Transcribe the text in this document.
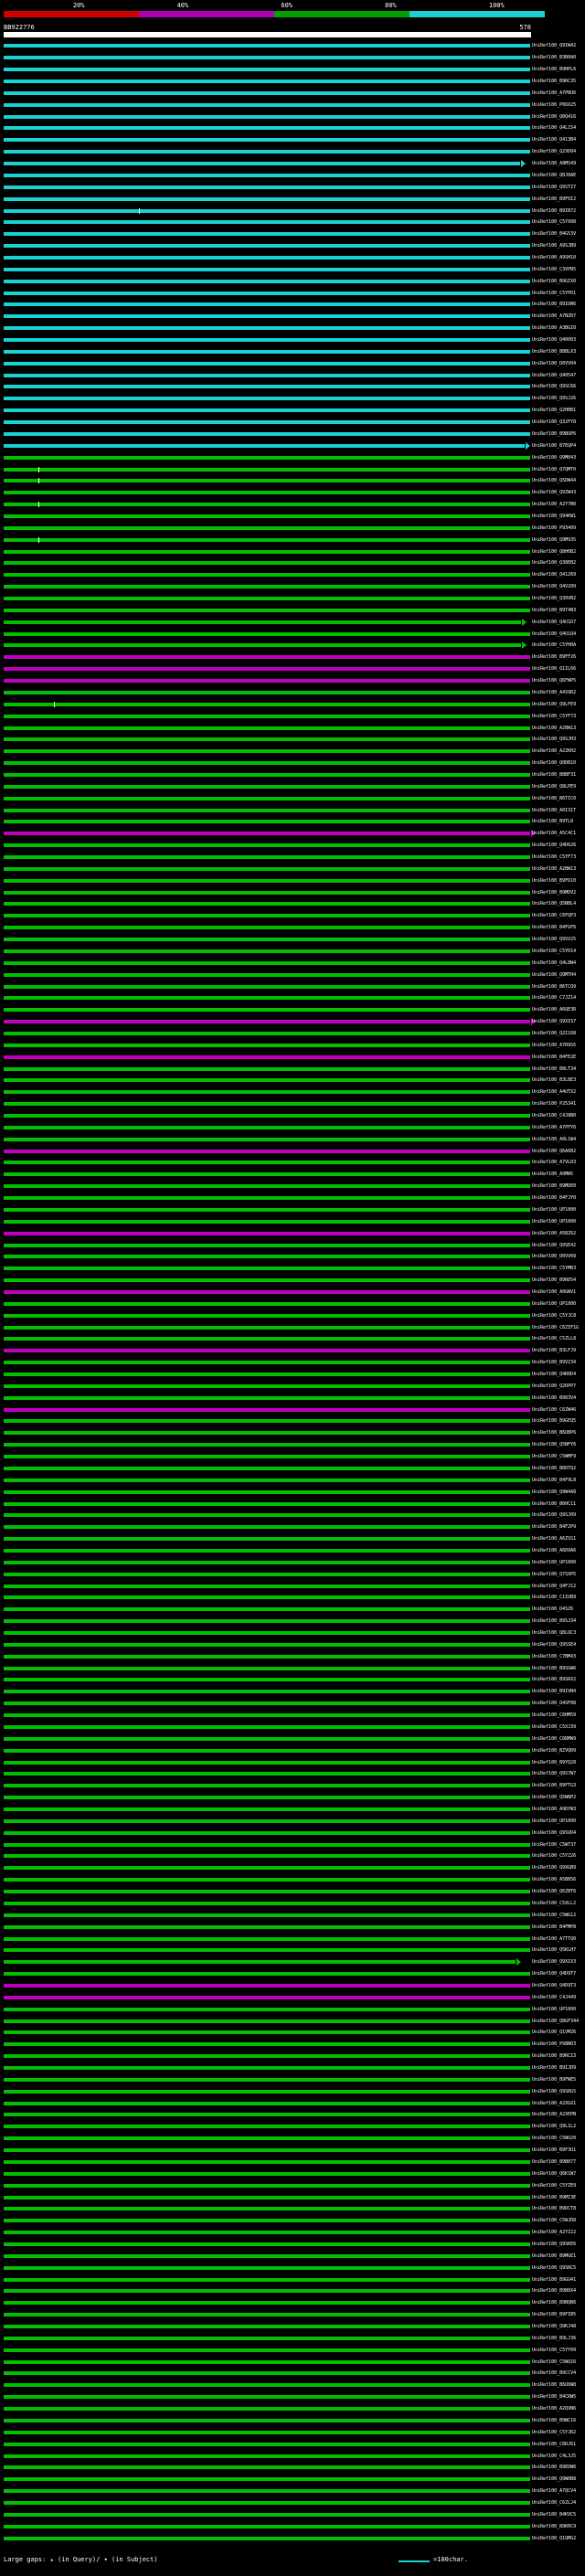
20%	40%	60%	80%	100%
BB922776	578
UniRef100_Q9IW42
UniRef100_B3B0A0
UniRef100_B9HPL6
UniRef100_B9RC35
UniRef100_A7PBU6
UniRef100_P0OX25
UniRef100_Q0Q416
UniRef100_Q4L154
UniRef100_Q413B4
UniRef100_Q2VD04
UniRef100_A8MS49
UniRef100_Q0J0AE
UniRef100_Q9STZ7
UniRef100_B9F0I2
UniRef100_B9IB72
UniRef100_C5YX08
UniRef100_B4G53V
UniRef100_A9SJB9
UniRef100_A9SH10
UniRef100_C3VPB5
UniRef100_B9GIX0
UniRef100_C5YPD1
UniRef100_B9ION6
UniRef100_A7NZR7
UniRef100_A3BGI0
UniRef100_Q40003
UniRef100_B8BLX3
UniRef100_D0VV04
UniRef100_Q40547
UniRef100_Q9SC66
UniRef100_Q9SJ26
UniRef100_Q2HBB1
UniRef100_Q32FY8
UniRef100_B9BUP6
UniRef100_B7EQP4
UniRef100_Q9M043
UniRef100_Q7QMT0
UniRef100_Q5DW44
UniRef100_Q9ZW43
UniRef100_A2Y7N0
UniRef100_Q94KW1
UniRef100_P93409
UniRef100_Q9M935
UniRef100_Q8H0B2
UniRef100_Q38EB2
UniRef100_Q41269
UniRef100_Q4V209
UniRef100_Q30VB2
UniRef100_B9T4N3
UniRef100_Q4U1D7
UniRef100_Q4U1Q4
UniRef100_C5YH0A
UniRef100_B9FF26
UniRef100_Q1IL66
UniRef100_Q6FWP5
UniRef100_A4S9R2
UniRef100_Q9LFE9
UniRef100_C5YF73
UniRef100_A2BW13
UniRef100_Q9SJH3
UniRef100_A2ZKH2
UniRef100_Q0DB10
UniRef100_B8BF31
UniRef100_Q8LPE9
UniRef100_B6TIC0
UniRef100_A0I31T
UniRef100_B9TL8
UniRef100_A5C4C1
UniRef100_Q4D626
UniRef100_C5YF73
UniRef100_A2BW13
UniRef100_B9FD10
UniRef100_B9MDV2
UniRef100_Q5NBL4
UniRef100_C6FQP3
UniRef100_B4FGF6
UniRef100_Q9SV25
UniRef100_C5YD14
UniRef100_Q4L8W4
UniRef100_Q9MTH4
UniRef100_B6TCQ9
UniRef100_C7JZ14
UniRef100_A6QE3R
UniRef100_Q9XIS7
UniRef100_Q2I168
UniRef100_A7R9S5
UniRef100_B4FE2E
UniRef100_B8LT34
UniRef100_B3L8E3
UniRef100_A4UTX2
UniRef100_P25341
UniRef100_C4J8B0
UniRef100_A7PFY6
UniRef100_A0L1W4
UniRef100_Q6A6B2
UniRef100_A7VLR3
UniRef100_A0MW5
UniRef100_B9MDE0
UniRef100_B4FJY0
UniRef100_UP1000
UniRef100_UP1000
UniRef100_A5BZ62
UniRef100_Q9SE42
UniRef100_D0VV09
UniRef100_C5YMB3
UniRef100_B9RD54
UniRef100_A0GWV1
UniRef100_UP1000
UniRef100_C5YJC8
UniRef100_C6ZIF1G
UniRef100_C5ZLL8
UniRef100_B3LFJ9
UniRef100_B9VZ34
UniRef100_Q4R0D4
UniRef100_Q2DPP7
UniRef100_B903V4
UniRef100_C6ZW46
UniRef100_B9GEQ5
UniRef100_B6UBP6
UniRef100_Q5NFY6
UniRef100_C5WMF9
UniRef100_B6RTQ2
UniRef100_B4F9L8
UniRef100_Q9W4A8
UniRef100_B6HC11
UniRef100_Q9SJ09
UniRef100_B4F2P9
UniRef100_A6ZSS1
UniRef100_A6D9A6
UniRef100_UP1000
UniRef100_Q7SXP5
UniRef100_Q4FJ12
UniRef100_C1IUB9
UniRef100_D4SZ6
UniRef100_B9SJ34
UniRef100_Q8LQC3
UniRef100_Q9SSE4
UniRef100_C7BM43
UniRef100_B9SGW6
UniRef100_B9SRX2
UniRef100_B9IVN4
UniRef100_O4SF08
UniRef100_C6HM59
UniRef100_C5XJ39
UniRef100_C6RMW9
UniRef100_BZVQ09
UniRef100_B9YQ28
UniRef100_Q9S7W7
UniRef100_B9FTG3
UniRef100_Q5WBP2
UniRef100_A9DYW3
UniRef100_UP1000
UniRef100_Q9SVD4
UniRef100_C5WT37
UniRef100_C5YZ26
UniRef100_Q9XGB9
UniRef100_A5BB56
UniRef100_Q6ZBT6
UniRef100_C5XLL2
UniRef100_C5WG12
UniRef100_B4FMP8
UniRef100_A7TTQ0
UniRef100_Q5KLH7
UniRef100_Q9XIX3
UniRef100_Q4D9T7
UniRef100_Q4D9T3
UniRef100_C4J449
UniRef100_UP1000
UniRef100_Q8GF344
UniRef100_Q1VMZ6
UniRef100_P98N03
UniRef100_B9RCI3
UniRef100_B9IJD9
UniRef100_B9FWE5
UniRef100_Q9SRG5
UniRef100_A2XGX1
UniRef100_A2XEPN
UniRef100_Q9L1L2
UniRef100_C5WU20
UniRef100_B9F3U1
UniRef100_B9B077
UniRef100_Q6K1W7
UniRef100_C5YZE9
UniRef100_B9MI3E
UniRef100_B9DCT8
UniRef100_C5WJD8
UniRef100_A2YZ22
UniRef100_Q9SKE6
UniRef100_B9MGE1
UniRef100_Q9SRC5
UniRef100_B9GU41
UniRef100_B9B0X4
UniRef100_B9BQB6
UniRef100_B9FIB5
UniRef100_Q9KJ48
UniRef100_B9LJ36
UniRef100_C5YY09
UniRef100_C5WQ16
UniRef100_B9CCV4
UniRef100_B6U6W8
UniRef100_B4CRW5
UniRef100_A2QVN6
UniRef100_B9WC16
UniRef100_C5YJR2
UniRef100_C6RJ61
UniRef100_C4L3J5
UniRef100_B9EDW6
UniRef100_Q9WRB8
UniRef100_A7QCV4
UniRef100_C6ZLJ4
UniRef100_B4KVC5
UniRef100_B9KRC9
UniRef100_Q1QMG2
Large gaps: ▴ (in Query)/ ▾ (in Subject)	=100char.
